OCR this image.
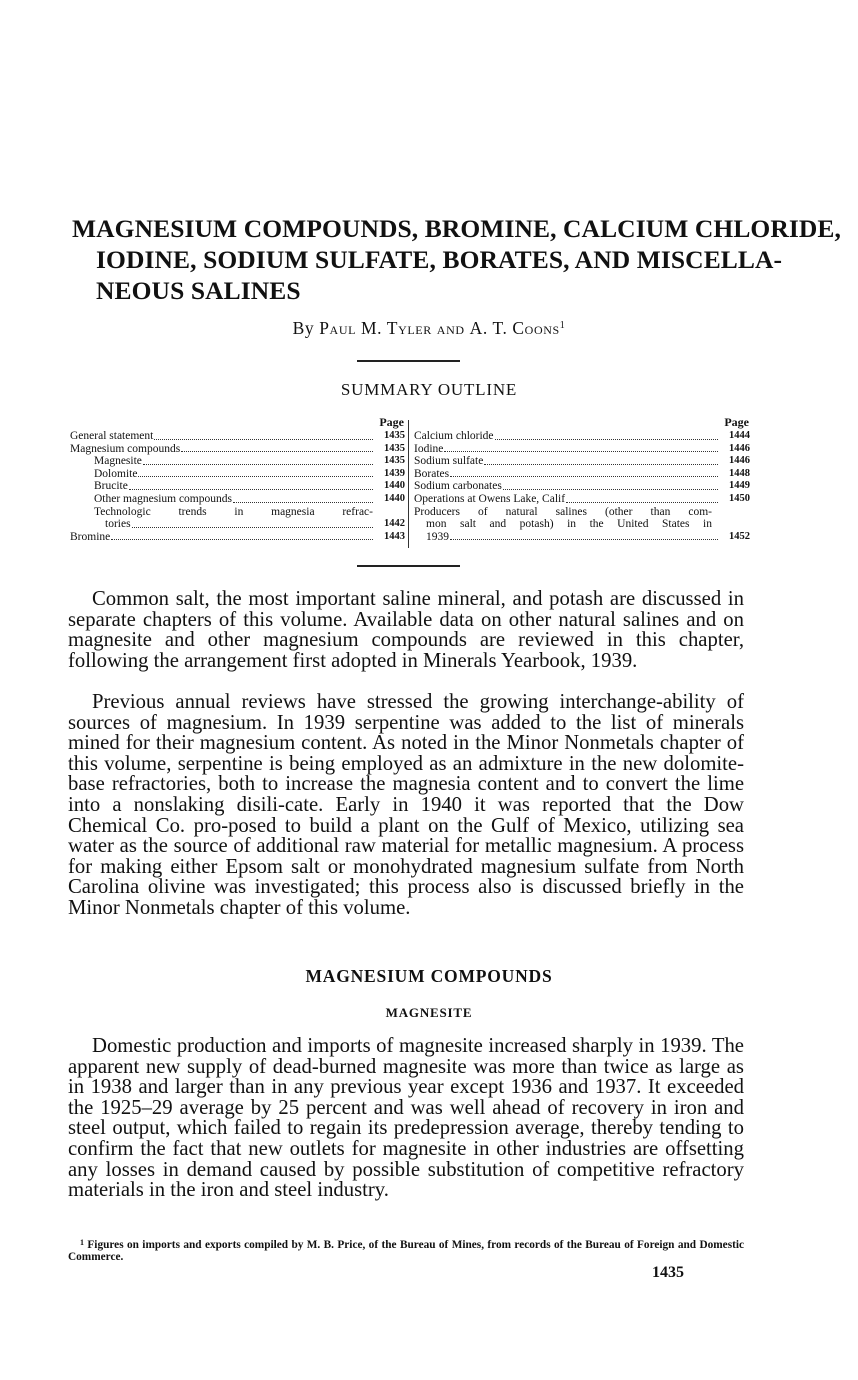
MAGNESIUM COMPOUNDS, BROMINE, CALCIUM CHLORIDE,
IODINE, SODIUM SULFATE, BORATES, AND MISCELLA-
NEOUS SALINES
By Paul M. Tyler and A. T. Coons$^1$
SUMMARY OUTLINE
Page
General statement	1435
Magnesium compounds	1435
Magnesite	1435
Dolomite	1439
Brucite	1440
Other magnesium compounds	1440
Technologic trends in magnesia refrac-
tories	1442
Bromine	1443
Page
Calcium chloride	1444
Iodine	1446
Sodium sulfate	1446
Borates	1448
Sodium carbonates	1449
Operations at Owens Lake, Calif	1450
Producers of natural salines (other than com-
mon salt and potash) in the United States in
1939	1452

Common salt, the most important saline mineral, and potash are discussed in separate chapters of this volume. Available data on other natural salines and on magnesite and other magnesium compounds are reviewed in this chapter, following the arrangement first adopted in Minerals Yearbook, 1939.

Previous annual reviews have stressed the growing interchange-ability of sources of magnesium. In 1939 serpentine was added to the list of minerals mined for their magnesium content. As noted in the Minor Nonmetals chapter of this volume, serpentine is being employed as an admixture in the new dolomite-base refractories, both to increase the magnesia content and to convert the lime into a nonslaking disili-cate. Early in 1940 it was reported that the Dow Chemical Co. pro-posed to build a plant on the Gulf of Mexico, utilizing sea water as the source of additional raw material for metallic magnesium. A process for making either Epsom salt or monohydrated magnesium sulfate from North Carolina olivine was investigated; this process also is discussed briefly in the Minor Nonmetals chapter of this volume.

MAGNESIUM COMPOUNDS
MAGNESITE

Domestic production and imports of magnesite increased sharply in 1939. The apparent new supply of dead-burned magnesite was more than twice as large as in 1938 and larger than in any previous year except 1936 and 1937. It exceeded the 1925–29 average by 25 percent and was well ahead of recovery in iron and steel output, which failed to regain its predepression average, thereby tending to confirm the fact that new outlets for magnesite in other industries are offsetting any losses in demand caused by possible substitution of competitive refractory materials in the iron and steel industry.

$^1$ Figures on imports and exports compiled by M. B. Price, of the Bureau of Mines, from records of the Bureau of Foreign and Domestic Commerce.
1435
